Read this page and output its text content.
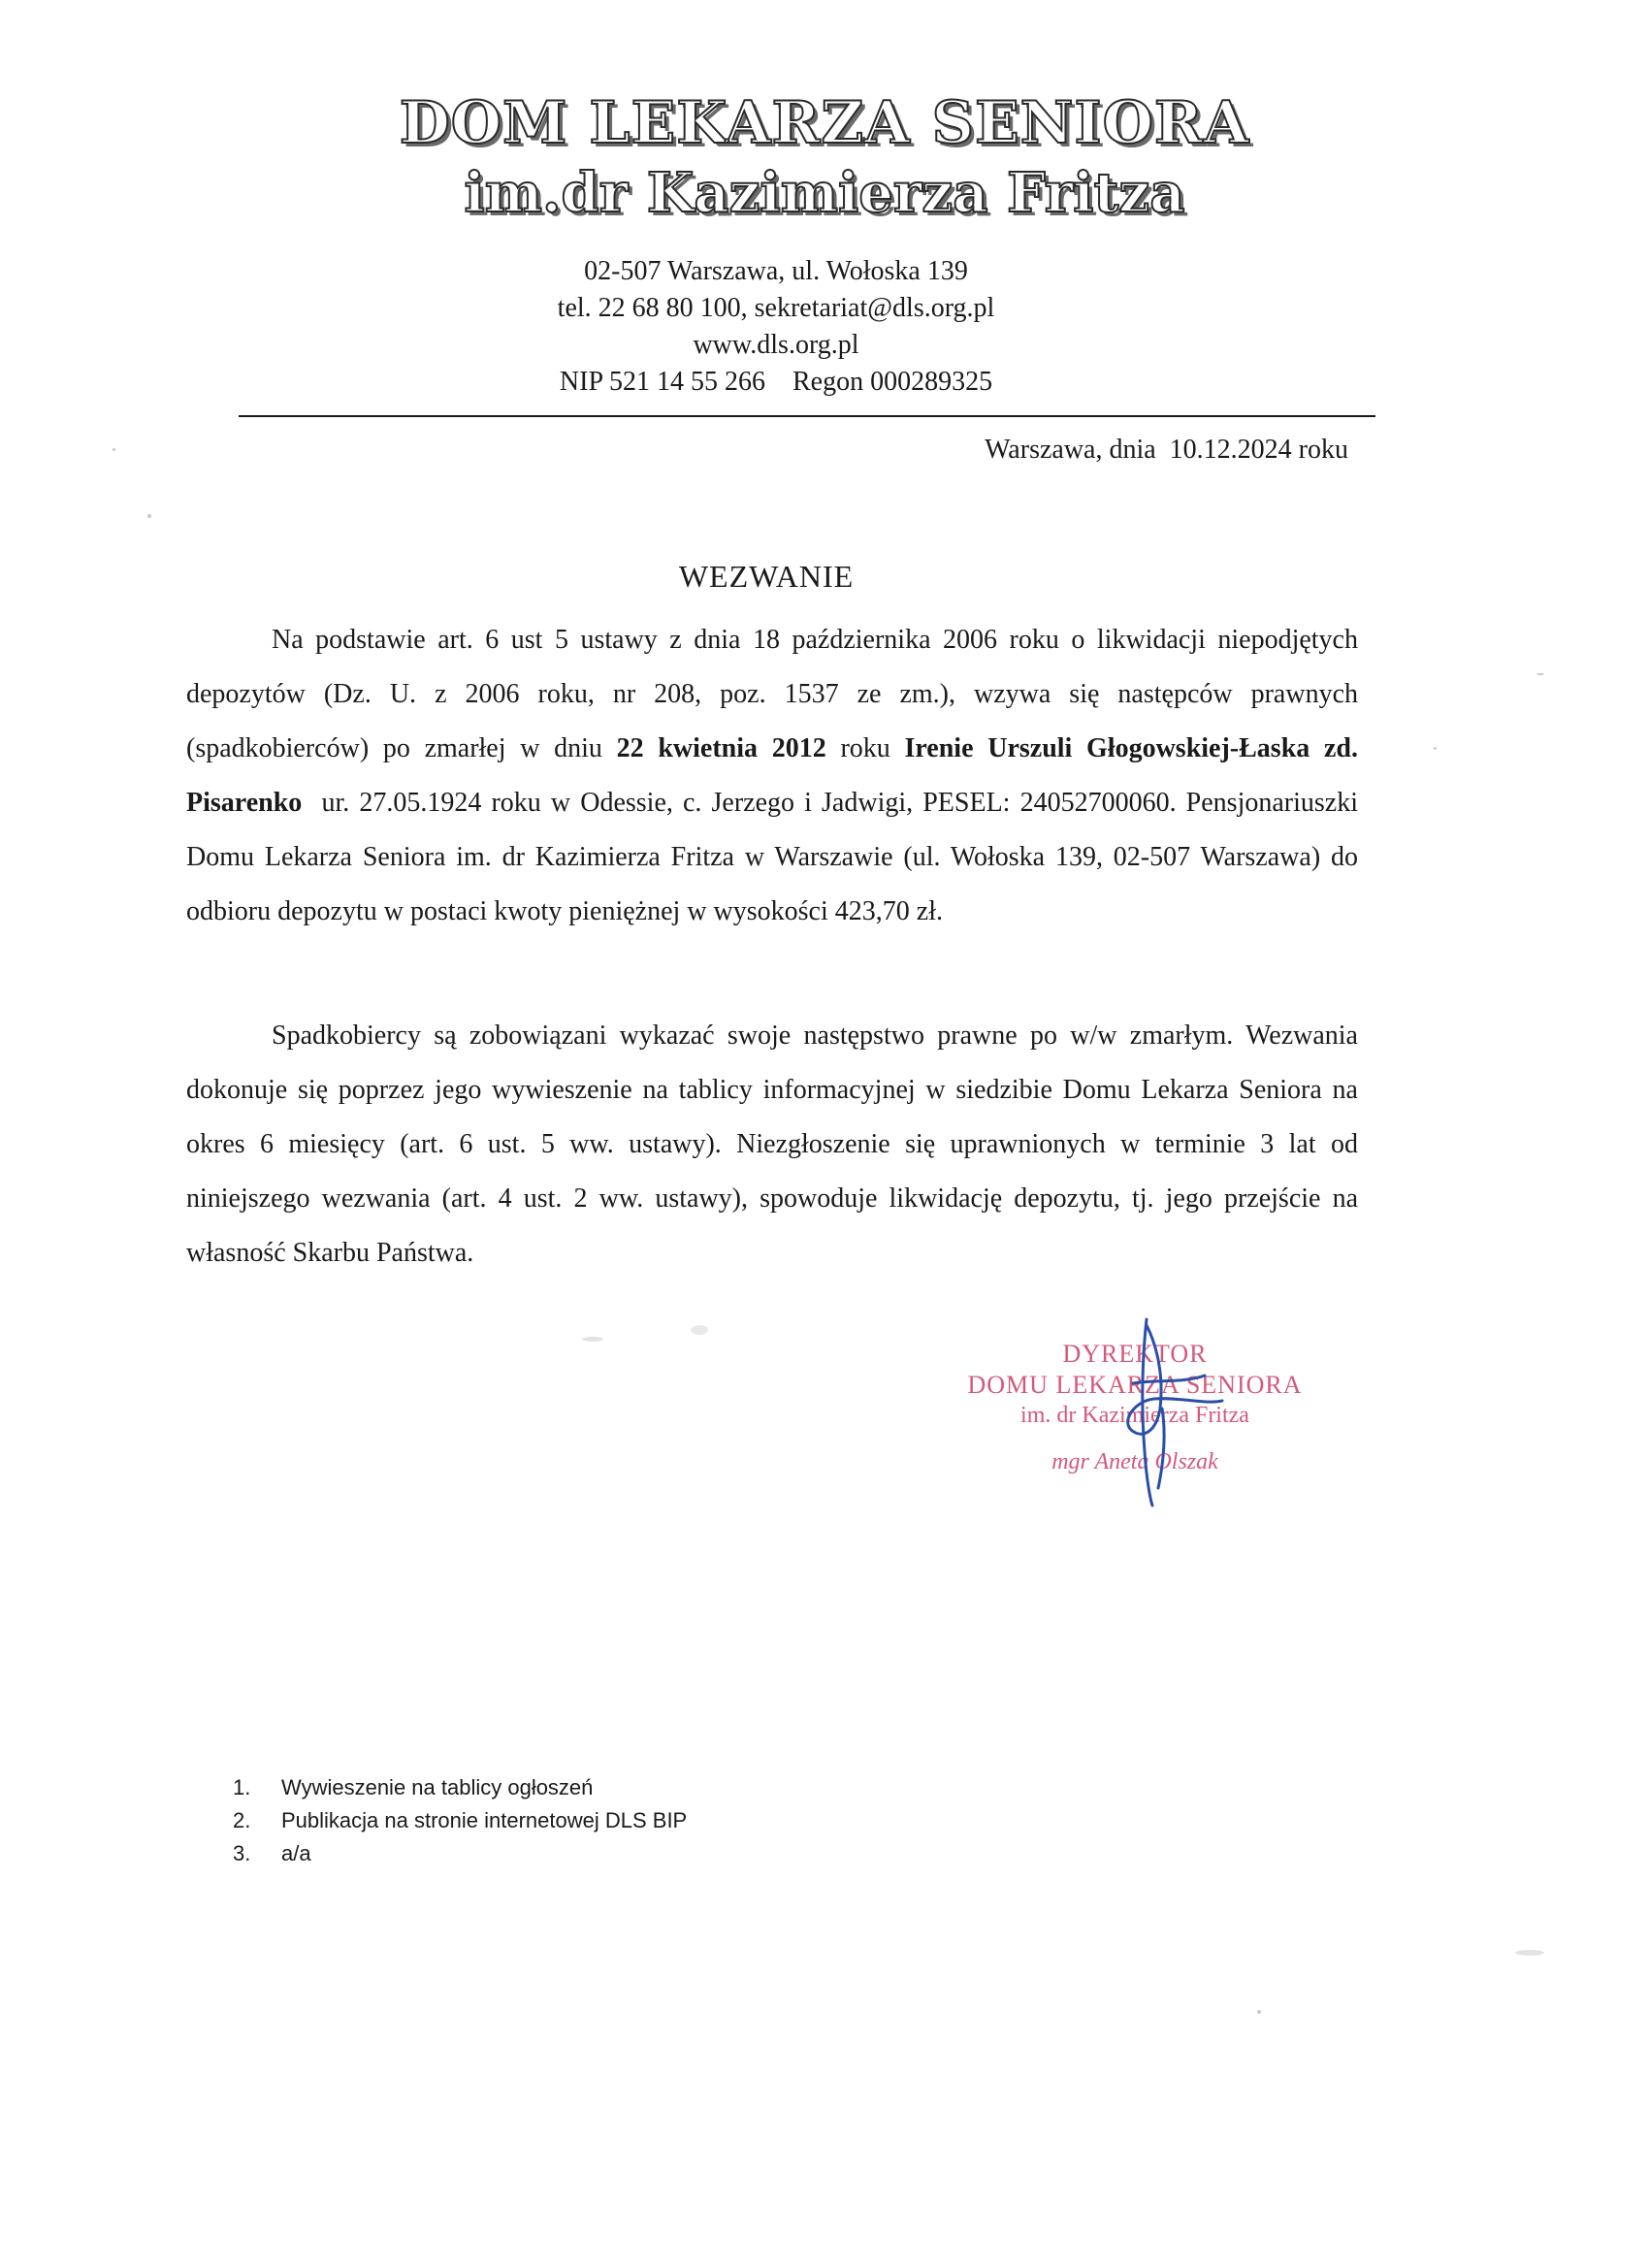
DOM LEKARZA SENIORA
im.dr Kazimierza Fritza
02-507 Warszawa, ul. Wołoska 139
tel. 22 68 80 100, sekretariat@dls.org.pl
www.dls.org.pl
NIP 521 14 55 266    Regon 000289325
Warszawa, dnia  10.12.2024 roku
WEZWANIE
Na podstawie art. 6 ust 5 ustawy z dnia 18 października 2006 roku o likwidacji niepodjętych depozytów (Dz. U. z 2006 roku, nr 208, poz. 1537 ze zm.), wzywa się następców prawnych (spadkobierców) po zmarłej w dniu 22 kwietnia 2012 roku Irenie Urszuli Głogowskiej-Łaska zd. Pisarenko  ur. 27.05.1924 roku w Odessie, c. Jerzego i Jadwigi, PESEL: 24052700060. Pensjonariuszki Domu Lekarza Seniora im. dr Kazimierza Fritza w Warszawie (ul. Wołoska 139, 02-507 Warszawa) do odbioru depozytu w postaci kwoty pieniężnej w wysokości 423,70 zł.
Spadkobiercy są zobowiązani wykazać swoje następstwo prawne po w/w zmarłym. Wezwania dokonuje się poprzez jego wywieszenie na tablicy informacyjnej w siedzibie Domu Lekarza Seniora na okres 6 miesięcy (art. 6 ust. 5 ww. ustawy). Niezgłoszenie się uprawnionych w terminie 3 lat od niniejszego wezwania (art. 4 ust. 2 ww. ustawy), spowoduje likwidację depozytu, tj. jego przejście na własność Skarbu Państwa.
DYREKTOR
DOMU LEKARZA SENIORA
im. dr Kazimierza Fritza
mgr Aneta Olszak
1.	Wywieszenie na tablicy ogłoszeń
2.	Publikacja na stronie internetowej DLS BIP
3.	a/a
